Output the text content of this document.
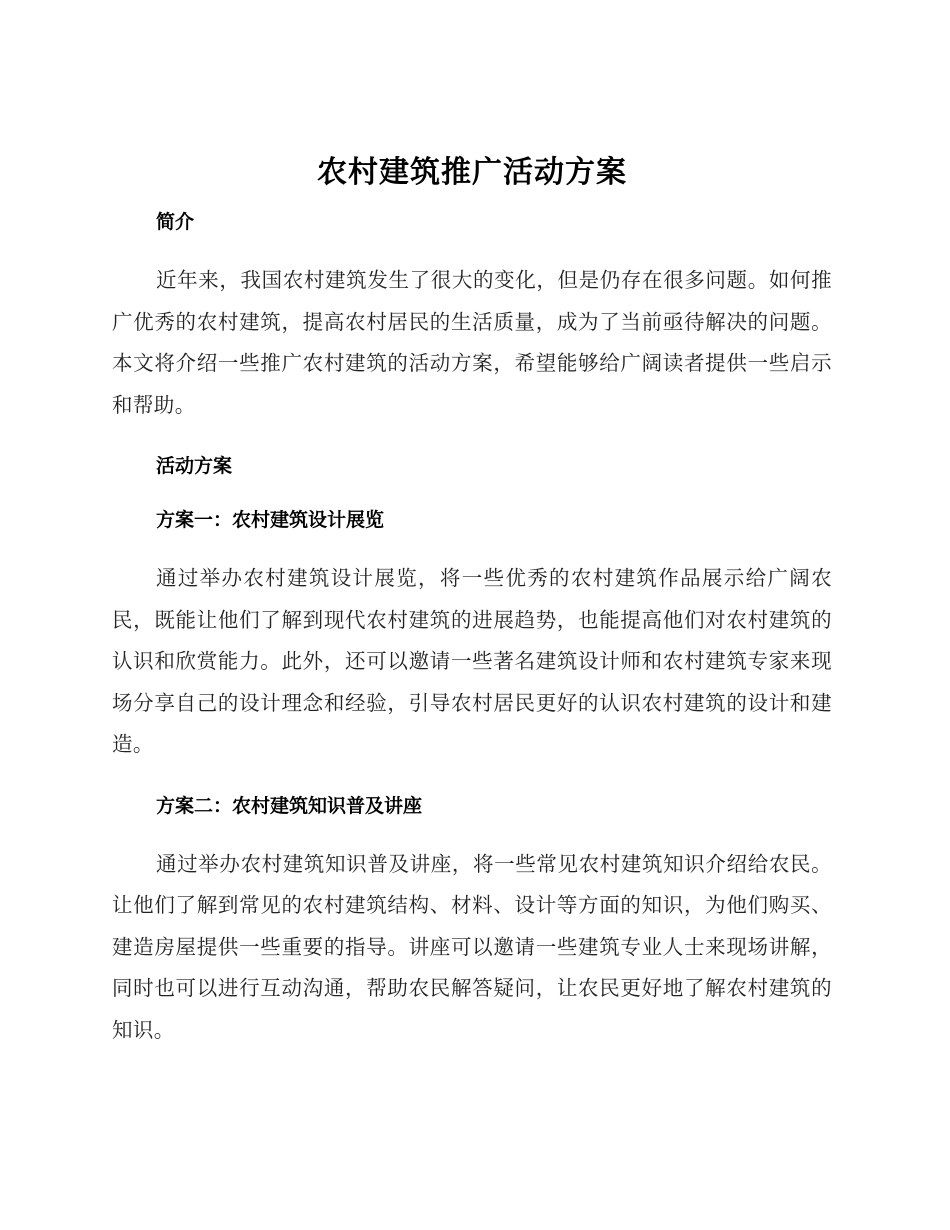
农村建筑推广活动方案
简介

近年来，我国农村建筑发生了很大的变化，但是仍存在很多问题。如何推广优秀的农村建筑，提高农村居民的生活质量，成为了当前亟待解决的问题。本文将介绍一些推广农村建筑的活动方案，希望能够给广阔读者提供一些启示和帮助。

活动方案
方案一：农村建筑设计展览

通过举办农村建筑设计展览，将一些优秀的农村建筑作品展示给广阔农民，既能让他们了解到现代农村建筑的进展趋势，也能提高他们对农村建筑的认识和欣赏能力。此外，还可以邀请一些著名建筑设计师和农村建筑专家来现场分享自己的设计理念和经验，引导农村居民更好的认识农村建筑的设计和建造。

方案二：农村建筑知识普及讲座

通过举办农村建筑知识普及讲座，将一些常见农村建筑知识介绍给农民。让他们了解到常见的农村建筑结构、材料、设计等方面的知识，为他们购买、建造房屋提供一些重要的指导。讲座可以邀请一些建筑专业人士来现场讲解，同时也可以进行互动沟通，帮助农民解答疑问，让农民更好地了解农村建筑的知识。
